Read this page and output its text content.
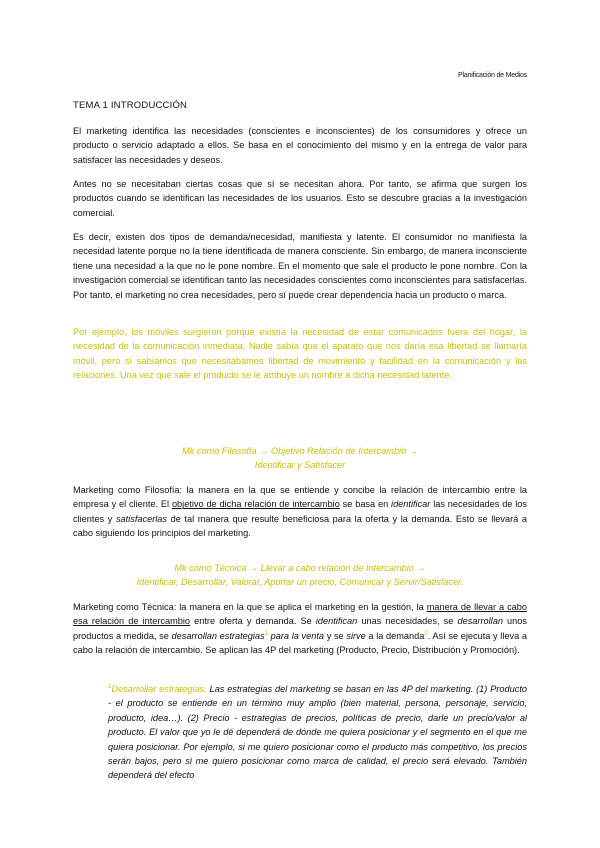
Planificación de Medios
TEMA 1 INTRODUCCIÓN

El marketing identifica las necesidades (conscientes e inconscientes) de los consumidores y ofrece un producto o servicio adaptado a ellos. Se basa en el conocimiento del mismo y en la entrega de valor para satisfacer las necesidades y deseos.

Antes no se necesitaban ciertas cosas que sí se necesitan ahora. Por tanto, se afirma que surgen los productos cuando se identifican las necesidades de los usuarios. Esto se descubre gracias a la investigación comercial.

Es decir, existen dos tipos de demanda/necesidad, manifiesta y latente. El consumidor no manifiesta la necesidad latente porque no la tiene identificada de manera consciente. Sin embargo, de manera inconsciente tiene una necesidad a la que no le pone nombre. En el momento que sale el producto le pone nombre. Con la investigación comercial se identifican tanto las necesidades conscientes como inconscientes para satisfacerlas. Por tanto, el marketing no crea necesidades, pero sí puede crear dependencia hacia un producto o marca.

Por ejemplo, los móviles surgieron porque existía la necesidad de estar comunicados fuera del hogar, la necesidad de la comunicación inmediata. Nadie sabía que el aparato que nos daría esa libertad se llamaría móvil, pero sí sabíamos que necesitábamos libertad de movimiento y facilidad en la comunicación y las relaciones. Una vez que sale el producto se le atribuye un nombre a dicha necesidad latente.

Mk como Filosofía → Objetivo Relación de Intercambio →
Identificar y Satisfacer

Marketing como Filosofía: la manera en la que se entiende y concibe la relación de intercambio entre la empresa y el cliente. El objetivo de dicha relación de intercambio se basa en identificar las necesidades de los clientes y satisfacerlas de tal manera que resulte beneficiosa para la oferta y la demanda. Esto se llevará a cabo siguiendo los principios del marketing.

Mk como Técnica → Llevar a cabo relación de Intercambio →
Identificar, Desarrollar, Valorar, Aportar un precio, Comunicar y Servir/Satisfacer.

Marketing como Técnica: la manera en la que se aplica el marketing en la gestión, la manera de llevar a cabo esa relación de intercambio entre oferta y demanda. Se identifican unas necesidades, se desarrollan unos productos a medida, se desarrollan estrategias$^1$ para la venta y se sirve a la demanda$^2$. Así se ejecuta y lleva a cabo la relación de intercambio. Se aplican las 4P del marketing (Producto, Precio, Distribución y Promoción).

$^1$Desarrollar estrategias. Las estrategias del marketing se basan en las 4P del marketing. (1) Producto - el producto se entiende en un término muy amplio (bien material, persona, personaje, servicio, producto, idea…). (2) Precio - estrategias de precios, políticas de precio, darle un precio/valor al producto. El valor que yo le dé dependerá de dónde me quiera posicionar y el segmento en el que me quiera posicionar. Por ejemplo, si me quiero posicionar como el producto más competitivo, los precios serán bajos, pero si me quiero posicionar como marca de calidad, el precio será elevado. También dependerá del efecto
